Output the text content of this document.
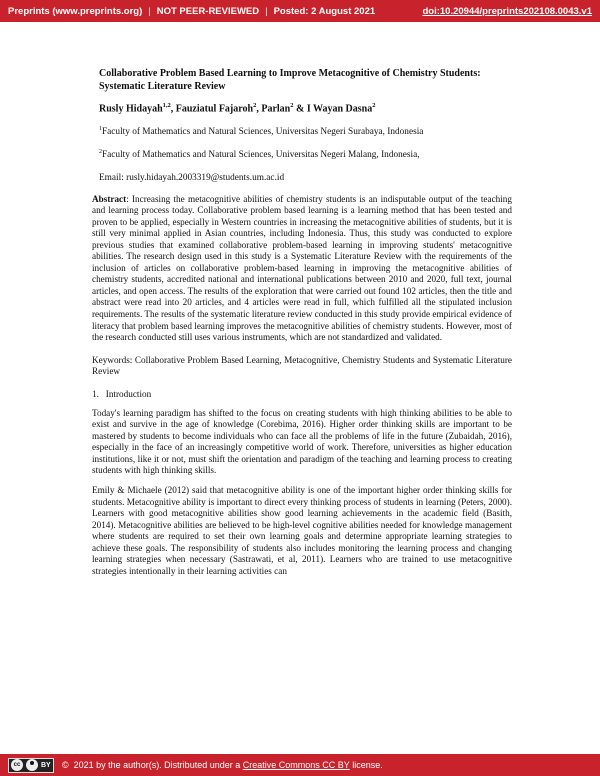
Preprints (www.preprints.org) | NOT PEER-REVIEWED | Posted: 2 August 2021	doi:10.20944/preprints202108.0043.v1
Collaborative Problem Based Learning to Improve Metacognitive of Chemistry Students: Systematic Literature Review
Rusly Hidayah$^{1,2}$, Fauziatul Fajaroh$^2$, Parlan$^2$ & I Wayan Dasna$^2$
$^1$Faculty of Mathematics and Natural Sciences, Universitas Negeri Surabaya, Indonesia
$^2$Faculty of Mathematics and Natural Sciences, Universitas Negeri Malang, Indonesia,
Email: rusly.hidayah.2003319@students.um.ac.id

Abstract: Increasing the metacognitive abilities of chemistry students is an indisputable output of the teaching and learning process today. Collaborative problem based learning is a learning method that has been tested and proven to be applied, especially in Western countries in increasing the metacognitive abilities of students, but it is still very minimal applied in Asian countries, including Indonesia. Thus, this study was conducted to explore previous studies that examined collaborative problem-based learning in improving students' metacognitive abilities. The research design used in this study is a Systematic Literature Review with the requirements of the inclusion of articles on collaborative problem-based learning in improving the metacognitive abilities of chemistry students, accredited national and international publications between 2010 and 2020, full text, journal articles, and open access. The results of the exploration that were carried out found 102 articles, then the title and abstract were read into 20 articles, and 4 articles were read in full, which fulfilled all the stipulated inclusion requirements. The results of the systematic literature review conducted in this study provide empirical evidence of literacy that problem based learning improves the metacognitive abilities of chemistry students. However, most of the research conducted still uses various instruments, which are not standardized and validated.

Keywords: Collaborative Problem Based Learning, Metacognitive, Chemistry Students and Systematic Literature Review

1.   Introduction

Today's learning paradigm has shifted to the focus on creating students with high thinking abilities to be able to exist and survive in the age of knowledge (Corebima, 2016). Higher order thinking skills are important to be mastered by students to become individuals who can face all the problems of life in the future (Zubaidah, 2016), especially in the face of an increasingly competitive world of work. Therefore, universities as higher education institutions, like it or not, must shift the orientation and paradigm of the teaching and learning process to creating students with high thinking skills.

Emily & Michaele (2012) said that metacognitive ability is one of the important higher order thinking skills for students. Metacognitive ability is important to direct every thinking process of students in learning (Peters, 2000). Learners with good metacognitive abilities show good learning achievements in the academic field (Basith, 2014). Metacognitive abilities are believed to be high-level cognitive abilities needed for knowledge management where students are required to set their own learning goals and determine appropriate learning strategies to achieve these goals. The responsibility of students also includes monitoring the learning process and changing learning strategies when necessary (Sastrawati, et al, 2011). Learners who are trained to use metacognitive strategies intentionally in their learning activities can

cc	BY ©  2021 by the author(s). Distributed under a Creative Commons CC BY license.
